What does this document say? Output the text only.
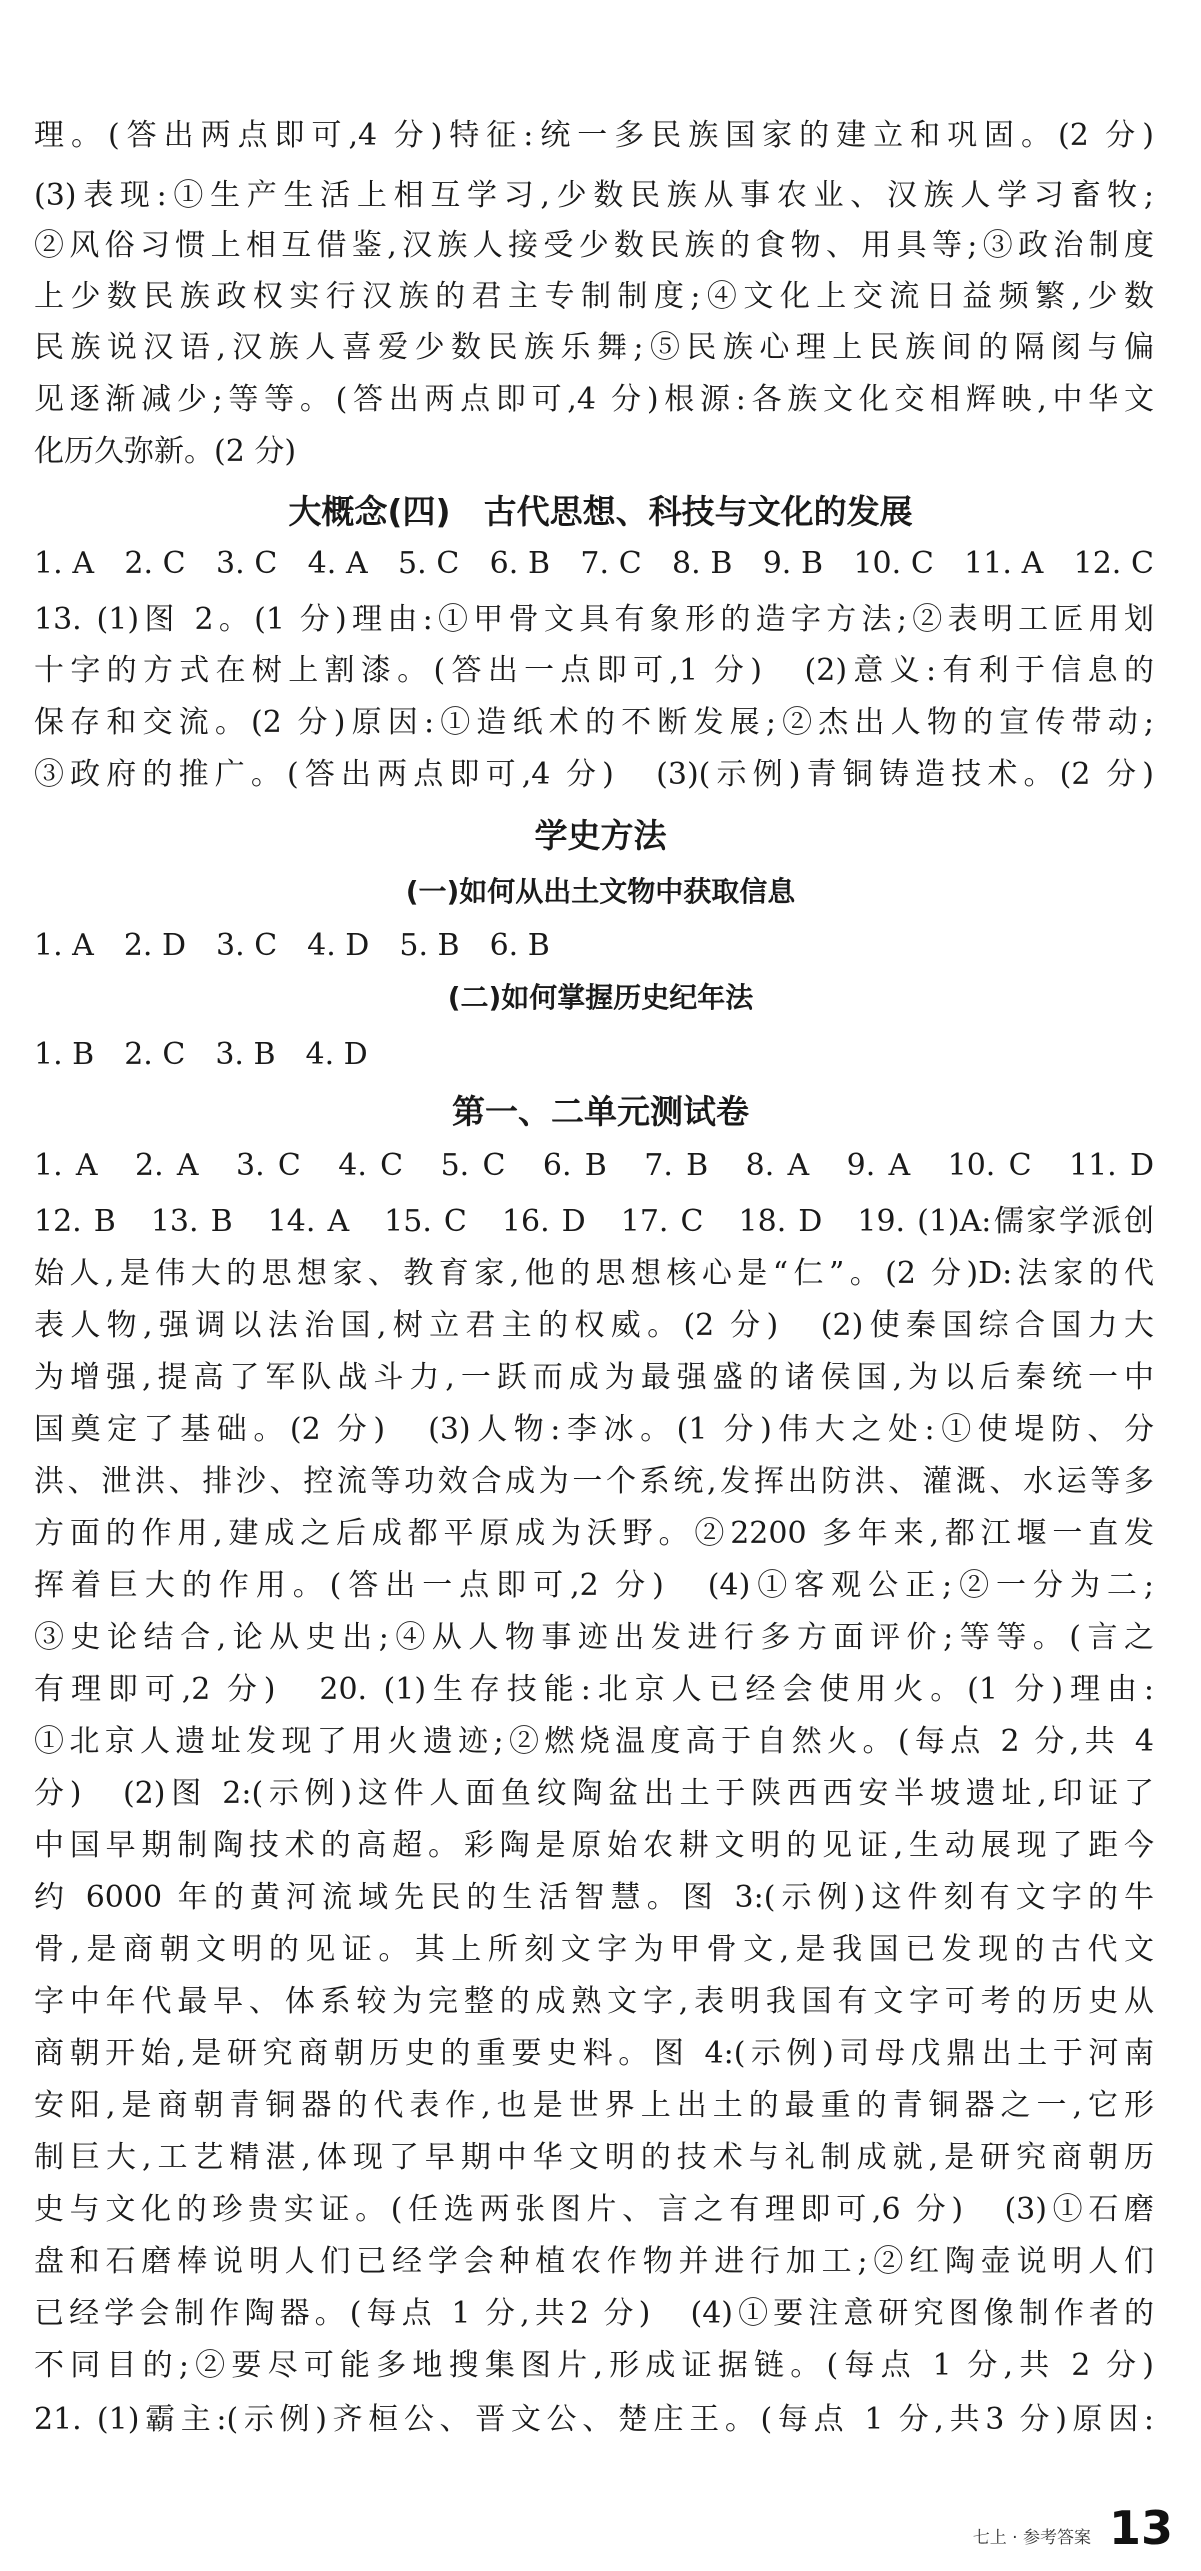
理。(答出两点即可,4 分)特征:统一多民族国家的建立和巩固。(2 分)
(3)表现:①生产生活上相互学习,少数民族从事农业、汉族人学习畜牧;
②风俗习惯上相互借鉴,汉族人接受少数民族的食物、用具等;③政治制度
上少数民族政权实行汉族的君主专制制度;④文化上交流日益频繁,少数
民族说汉语,汉族人喜爱少数民族乐舞;⑤民族心理上民族间的隔阂与偏
见逐渐减少;等等。(答出两点即可,4 分)根源:各族文化交相辉映,中华文
化历久弥新。(2 分)
大概念(四)　古代思想、科技与文化的发展
1. A　2. C　3. C　4. A　5. C　6. B　7. C　8. B　9. B　10. C　11. A　12. C
13. (1)图 2。(1 分)理由:①甲骨文具有象形的造字方法;②表明工匠用划
十字的方式在树上割漆。(答出一点即可,1 分)　(2)意义:有利于信息的
保存和交流。(2 分)原因:①造纸术的不断发展;②杰出人物的宣传带动;
③政府的推广。(答出两点即可,4 分)　(3)(示例)青铜铸造技术。(2 分)
学史方法
(一)如何从出土文物中获取信息
1. A　2. D　3. C　4. D　5. B　6. B
(二)如何掌握历史纪年法
1. B　2. C　3. B　4. D
第一、二单元测试卷
1. A　2. A　3. C　4. C　5. C　6. B　7. B　8. A　9. A　10. C　11. D
12. B　13. B　14. A　15. C　16. D　17. C　18. D　19. (1)A:儒家学派创
始人,是伟大的思想家、教育家,他的思想核心是“仁”。(2 分)D:法家的代
表人物,强调以法治国,树立君主的权威。(2 分)　(2)使秦国综合国力大
为增强,提高了军队战斗力,一跃而成为最强盛的诸侯国,为以后秦统一中
国奠定了基础。(2 分)　(3)人物:李冰。(1 分)伟大之处:①使堤防、分
洪、泄洪、排沙、控流等功效合成为一个系统,发挥出防洪、灌溉、水运等多
方面的作用,建成之后成都平原成为沃野。②2200 多年来,都江堰一直发
挥着巨大的作用。(答出一点即可,2 分)　(4)①客观公正;②一分为二;
③史论结合,论从史出;④从人物事迹出发进行多方面评价;等等。(言之
有理即可,2 分)　20. (1)生存技能:北京人已经会使用火。(1 分)理由:
①北京人遗址发现了用火遗迹;②燃烧温度高于自然火。(每点 2 分,共 4
分)　(2)图 2:(示例)这件人面鱼纹陶盆出土于陕西西安半坡遗址,印证了
中国早期制陶技术的高超。彩陶是原始农耕文明的见证,生动展现了距今
约 6000 年的黄河流域先民的生活智慧。图 3:(示例)这件刻有文字的牛
骨,是商朝文明的见证。其上所刻文字为甲骨文,是我国已发现的古代文
字中年代最早、体系较为完整的成熟文字,表明我国有文字可考的历史从
商朝开始,是研究商朝历史的重要史料。图 4:(示例)司母戊鼎出土于河南
安阳,是商朝青铜器的代表作,也是世界上出土的最重的青铜器之一,它形
制巨大,工艺精湛,体现了早期中华文明的技术与礼制成就,是研究商朝历
史与文化的珍贵实证。(任选两张图片、言之有理即可,6 分)　(3)①石磨
盘和石磨棒说明人们已经学会种植农作物并进行加工;②红陶壶说明人们
已经学会制作陶器。(每点 1 分,共2 分)　(4)①要注意研究图像制作者的
不同目的;②要尽可能多地搜集图片,形成证据链。(每点 1 分,共 2 分)
21. (1)霸主:(示例)齐桓公、晋文公、楚庄王。(每点 1 分,共3 分)原因:
七上 · 参考答案 13
